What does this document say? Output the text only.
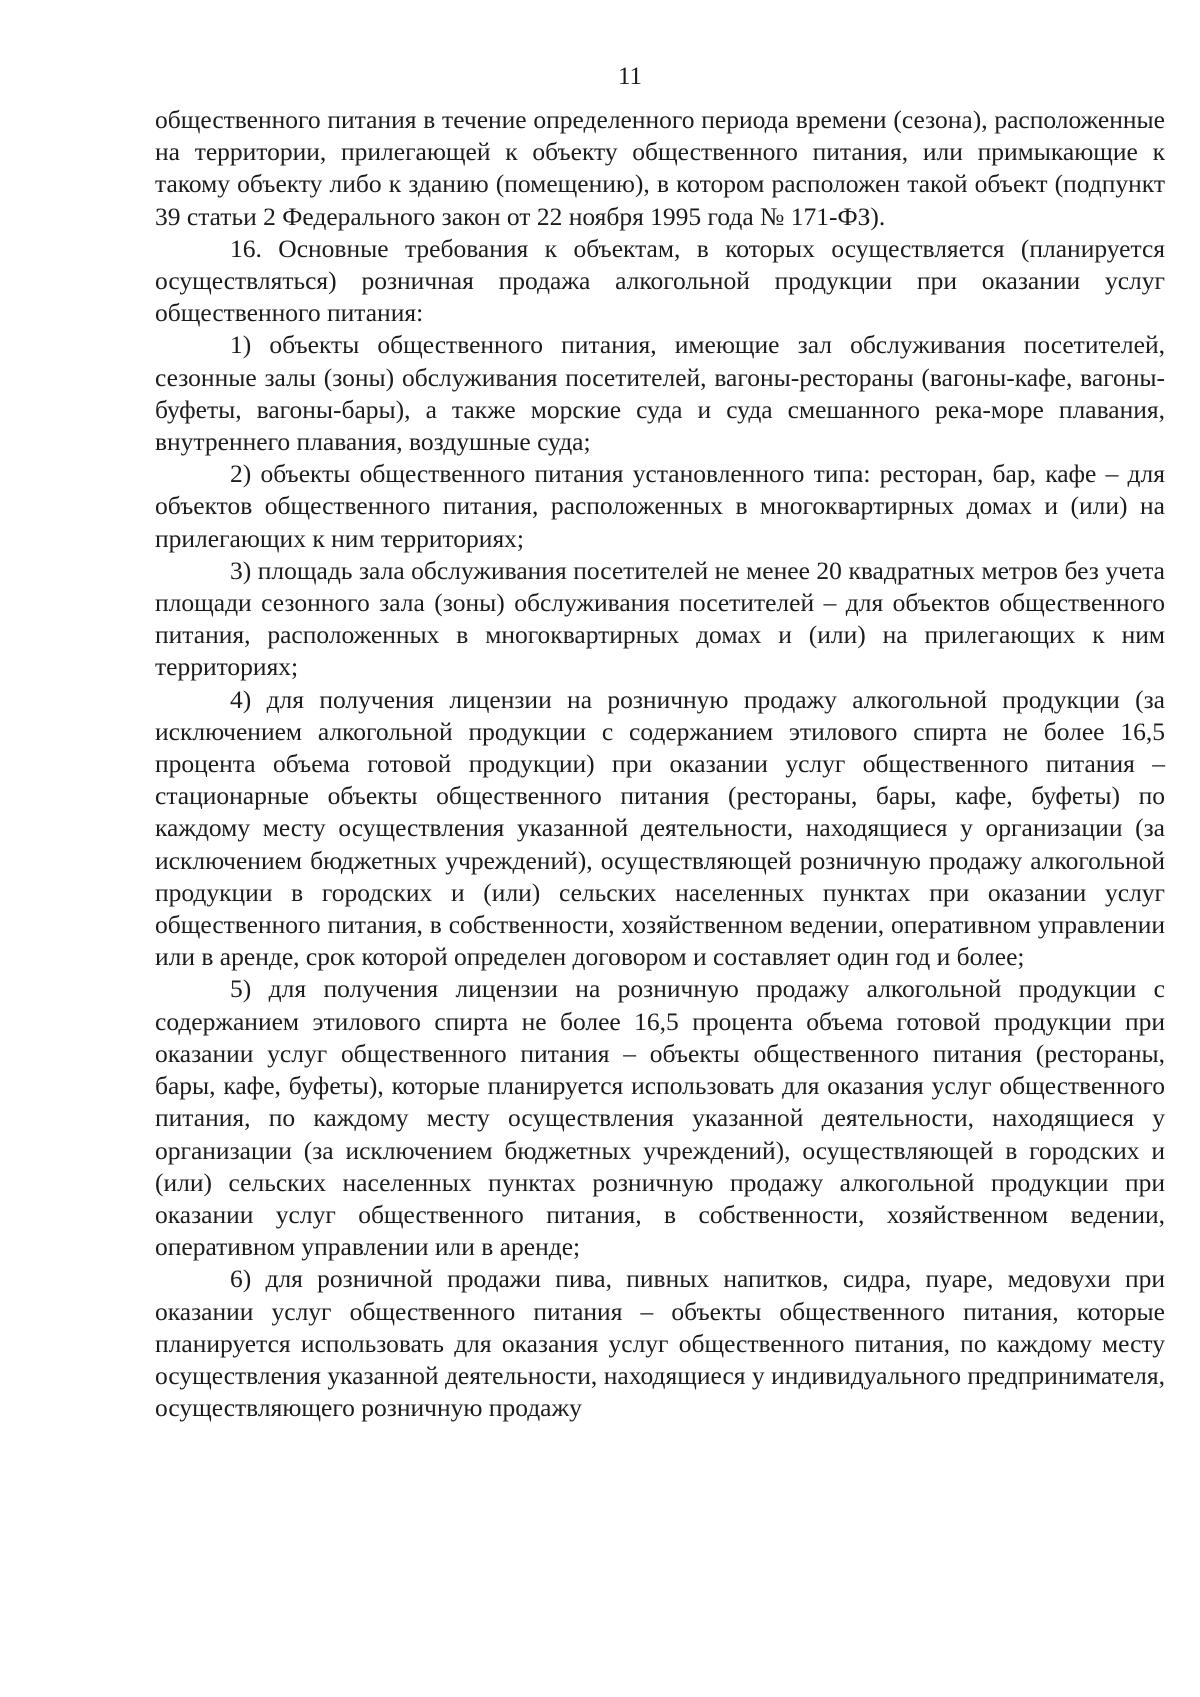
11

общественного питания в течение определенного периода времени (сезона), расположенные на территории, прилегающей к объекту общественного питания, или примыкающие к такому объекту либо к зданию (помещению), в котором расположен такой объект (подпункт 39 статьи 2 Федерального закон от 22 ноября 1995 года № 171-ФЗ).

16. Основные требования к объектам, в которых осуществляется (планируется осуществляться) розничная продажа алкогольной продукции при оказании услуг общественного питания:

1) объекты общественного питания, имеющие зал обслуживания посетителей, сезонные залы (зоны) обслуживания посетителей, вагоны-рестораны (вагоны-кафе, вагоны-буфеты, вагоны-бары), а также морские суда и суда смешанного река-море плавания, внутреннего плавания, воздушные суда;

2) объекты общественного питания установленного типа: ресторан, бар, кафе – для объектов общественного питания, расположенных в многоквартирных домах и (или) на прилегающих к ним территориях;

3) площадь зала обслуживания посетителей не менее 20 квадратных метров без учета площади сезонного зала (зоны) обслуживания посетителей – для объектов общественного питания, расположенных в многоквартирных домах и (или) на прилегающих к ним территориях;

4) для получения лицензии на розничную продажу алкогольной продукции (за исключением алкогольной продукции с содержанием этилового спирта не более 16,5 процента объема готовой продукции) при оказании услуг общественного питания – стационарные объекты общественного питания (рестораны, бары, кафе, буфеты) по каждому месту осуществления указанной деятельности, находящиеся у организации (за исключением бюджетных учреждений), осуществляющей розничную продажу алкогольной продукции в городских и (или) сельских населенных пунктах при оказании услуг общественного питания, в собственности, хозяйственном ведении, оперативном управлении или в аренде, срок которой определен договором и составляет один год и более;

5) для получения лицензии на розничную продажу алкогольной продукции с содержанием этилового спирта не более 16,5 процента объема готовой продукции при оказании услуг общественного питания – объекты общественного питания (рестораны, бары, кафе, буфеты), которые планируется использовать для оказания услуг общественного питания, по каждому месту осуществления указанной деятельности, находящиеся у организации (за исключением бюджетных учреждений), осуществляющей в городских и (или) сельских населенных пунктах розничную продажу алкогольной продукции при оказании услуг общественного питания, в собственности, хозяйственном ведении, оперативном управлении или в аренде;

6) для розничной продажи пива, пивных напитков, сидра, пуаре, медовухи при оказании услуг общественного питания – объекты общественного питания, которые планируется использовать для оказания услуг общественного питания, по каждому месту осуществления указанной деятельности, находящиеся у индивидуального предпринимателя, осуществляющего розничную продажу
